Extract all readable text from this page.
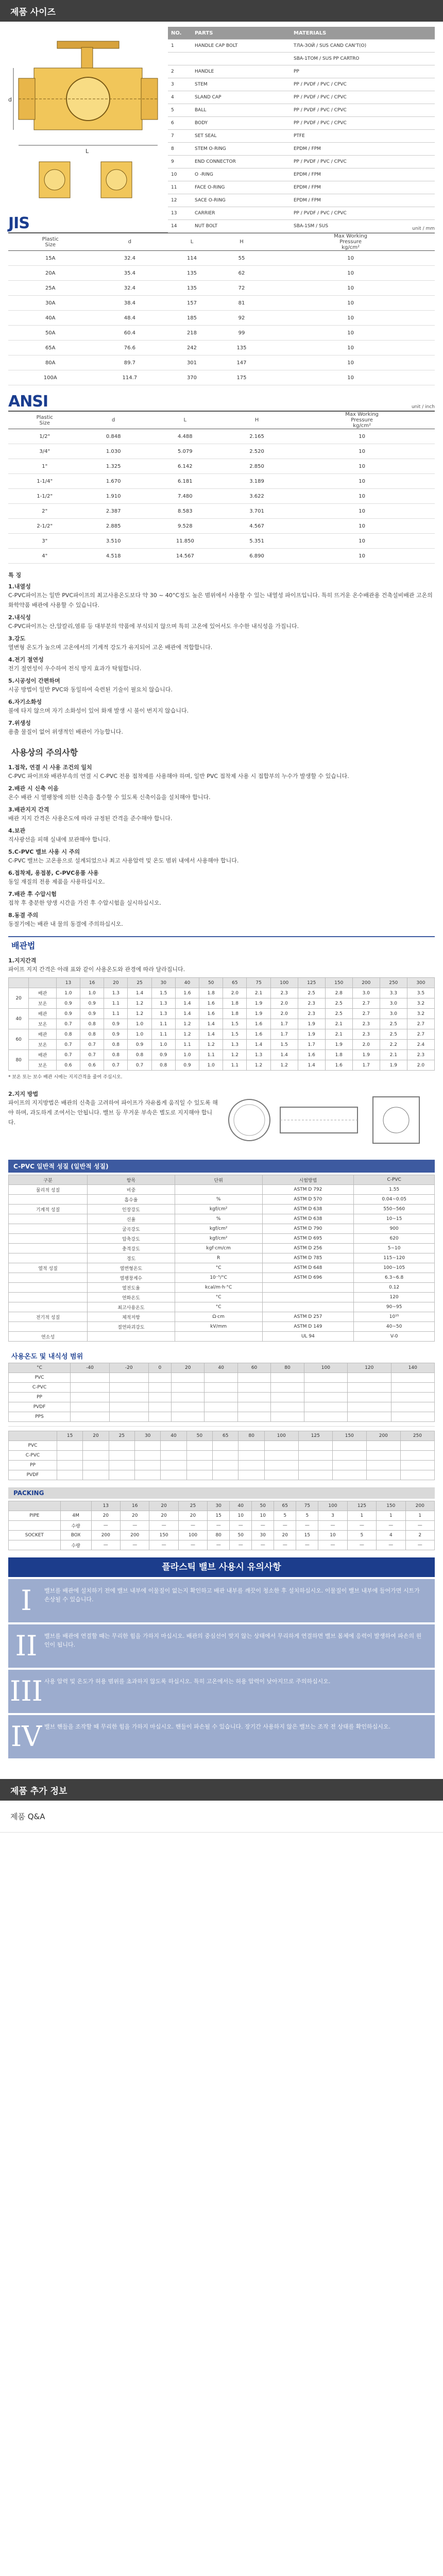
제품 사이즈
L
d
NO.	PARTS	MATERIALS
1	HANDLE CAP BOLT	ТЛА-ЗОЙ / SUS CAND CAN'T(O)
		SBA-1TOM / SUS PP CARTRO
2	HANDLE	PP
3	STEM	PP / PVDF / PVC / CPVC
4	SLAND CAP	PP / PVDF / PVC / CPVC
5	BALL	PP / PVDF / PVC / CPVC
6	BODY	PP / PVDF / PVC / CPVC
7	SET SEAL	PTFE
8	STEM O-RING	EPDM / FPM
9	END CONNECTOR	PP / PVDF / PVC / CPVC
10	O -RING	EPDM / FPM
11	FACE O-RING	EPDM / FPM
12	SACE O-RING	EPDM / FPM
13	CARRIER	PP / PVDF / PVC / CPVC
14	NUT BOLT	SBA-1SM / SUS
JIS	unit / mm
Plastic
Size	d	L	H	Max Working
Pressure
kg/cm²
15A	32.4	114	55	10
20A	35.4	135	62	10
25A	32.4	135	72	10
30A	38.4	157	81	10
40A	48.4	185	92	10
50A	60.4	218	99	10
65A	76.6	242	135	10
80A	89.7	301	147	10
100A	114.7	370	175	10
ANSI	unit / inch
Plastic
Size	d	L	H	Max Working
Pressure
kg/cm²
1/2"	0.848	4.488	2.165	10
3/4"	1.030	5.079	2.520	10
1"	1.325	6.142	2.850	10
1-1/4"	1.670	6.181	3.189	10
1-1/2"	1.910	7.480	3.622	10
2"	2.387	8.583	3.701	10
2-1/2"	2.885	9.528	4.567	10
3"	3.510	11.850	5.351	10
4"	4.518	14.567	6.890	10
특 징
1.내열성

C-PVC파이프는 일반 PVC파이프의 최고사용온도보다 약 30 ~ 40°C정도 높은 범위에서 사용할 수 있는 내열성 파이프입니다. 특히 뜨거운 온수배관용 건축설비배관 고온의 화학약품 배관에 사용할 수 있습니다.

2.내식성

C-PVC파이프는 산,알칼리,염류 등 대부분의 약품에 부식되지 않으며 특히 고온에 있어서도 우수한 내식성을 가집니다.

3.강도

열변형 온도가 높으며 고온에서의 기계적 강도가 유지되어 고온 배관에 적합합니다.

4.전기 절연성

전기 절연성이 우수하여 전식 방지 효과가 탁월합니다.

5.시공성이 간편하며

시공 방법이 일반 PVC와 동일하여 숙련된 기술이 필요치 않습니다.

6.자기소화성

불에 타지 않으며 자기 소화성이 있어 화재 발생 시 불이 번지지 않습니다.

7.위생성

용출 물질이 없어 위생적인 배관이 가능합니다.

사용상의 주의사항
1.접착, 연결 시 사용 조건의 일치

C-PVC 파이프와 배관부속의 연결 시 C-PVC 전용 접착제를 사용해야 하며, 일반 PVC 접착제 사용 시 접합부의 누수가 발생할 수 있습니다.

2.배관 시 신축 이음

온수 배관 시 열팽창에 의한 신축을 흡수할 수 있도록 신축이음을 설치해야 합니다.

3.배관지지 간격

배관 지지 간격은 사용온도에 따라 규정된 간격을 준수해야 합니다.

4.보관

직사광선을 피해 실내에 보관해야 합니다.

5.C-PVC 밸브 사용 시 주의

C-PVC 밸브는 고온용으로 설계되었으나 최고 사용압력 및 온도 범위 내에서 사용해야 합니다.

6.접착제, 용접봉, C-PVC용품 사용

동일 재질의 전용 제품을 사용하십시오.

7.배관 후 수압시험

접착 후 충분한 양생 시간을 가진 후 수압시험을 실시하십시오.

8.동결 주의

동절기에는 배관 내 물의 동결에 주의하십시오.

배관법
1.지지간격

파이프 지지 간격은 아래 표와 같이 사용온도와 관경에 따라 달라집니다.

		13	16	20	25	30	40	50	65	75	100	125	150	200	250	300
20	배관	1.0	1.0	1.3	1.4	1.5	1.6	1.8	2.0	2.1	2.3	2.5	2.8	3.0	3.3	3.5
	보온	0.9	0.9	1.1	1.2	1.3	1.4	1.6	1.8	1.9	2.0	2.3	2.5	2.7	3.0	3.2
40	배관	0.9	0.9	1.1	1.2	1.3	1.4	1.6	1.8	1.9	2.0	2.3	2.5	2.7	3.0	3.2
	보온	0.7	0.8	0.9	1.0	1.1	1.2	1.4	1.5	1.6	1.7	1.9	2.1	2.3	2.5	2.7
60	배관	0.8	0.8	0.9	1.0	1.1	1.2	1.4	1.5	1.6	1.7	1.9	2.1	2.3	2.5	2.7
	보온	0.7	0.7	0.8	0.9	1.0	1.1	1.2	1.3	1.4	1.5	1.7	1.9	2.0	2.2	2.4
80	배관	0.7	0.7	0.8	0.8	0.9	1.0	1.1	1.2	1.3	1.4	1.6	1.8	1.9	2.1	2.3
	보온	0.6	0.6	0.7	0.7	0.8	0.9	1.0	1.1	1.2	1.2	1.4	1.6	1.7	1.9	2.0

* 보온 또는 보수 배관 시에는 지지간격을 줄여 주십시오.

2.지지 방법

파이프의 지지방법은 배관의 신축을 고려하여 파이프가 자유롭게 움직일 수 있도록 해야 하며, 과도하게 조여서는 안됩니다. 밸브 등 무거운 부속은 별도로 지지해야 합니다.

C-PVC 일반적 성질 (일반적 성질)
구분	항목	단위	시험방법	C-PVC
물리적 성질	비중		ASTM D 792	1.55
	흡수율	%	ASTM D 570	0.04~0.05
기계적 성질	인장강도	kgf/cm²	ASTM D 638	550~560
	신율	%	ASTM D 638	10~15
	굴곡강도	kgf/cm²	ASTM D 790	900
	압축강도	kgf/cm²	ASTM D 695	620
	충격강도	kgf·cm/cm	ASTM D 256	5~10
	경도	R	ASTM D 785	115~120
열적 성질	열변형온도	°C	ASTM D 648	100~105
	열팽창계수	10⁻⁵/°C	ASTM D 696	6.3~6.8
	열전도율	kcal/m·h·°C		0.12
	연화온도	°C		120
	최고사용온도	°C		90~95
전기적 성질	체적저항	Ω·cm	ASTM D 257	10¹⁵
	절연파괴강도	kV/mm	ASTM D 149	40~50
연소성			UL 94	V-0
사용온도 및 내식성 범위
°C	-40	-20	0	20	40	60	80	100	120	140
PVC										
C-PVC										
PP										
PVDF										
PPS										
	15	20	25	30	40	50	65	80	100	125	150	200	250
PVC													
C-PVC													
PP													
PVDF													
PACKING
		13	16	20	25	30	40	50	65	75	100	125	150	200
PIPE	4M	20	20	20	20	15	10	10	5	5	3	1	1	1
	수량	—	—	—	—	—	—	—	—	—	—	—	—	—
SOCKET	BOX	200	200	150	100	80	50	30	20	15	10	5	4	2
	수량	—	—	—	—	—	—	—	—	—	—	—	—	—
플라스틱 밸브 사용시 유의사항
I	밸브를 배관에 설치하기 전에 밸브 내부에 이물질이 없는지 확인하고 배관 내부를 깨끗이 청소한 후 설치하십시오. 이물질이 밸브 내부에 들어가면 시트가 손상될 수 있습니다.
II	밸브를 배관에 연결할 때는 무리한 힘을 가하지 마십시오. 배관의 중심선이 맞지 않는 상태에서 무리하게 연결하면 밸브 몸체에 응력이 발생하여 파손의 원인이 됩니다.
III 사용 압력 및 온도가 허용 범위를 초과하지 않도록 하십시오. 특히 고온에서는 허용 압력이 낮아지므로 주의하십시오.
IV 밸브 핸들을 조작할 때 무리한 힘을 가하지 마십시오. 핸들이 파손될 수 있습니다. 장기간 사용하지 않은 밸브는 조작 전 상태를 확인하십시오.
제품 추가 정보
제품 Q&A
